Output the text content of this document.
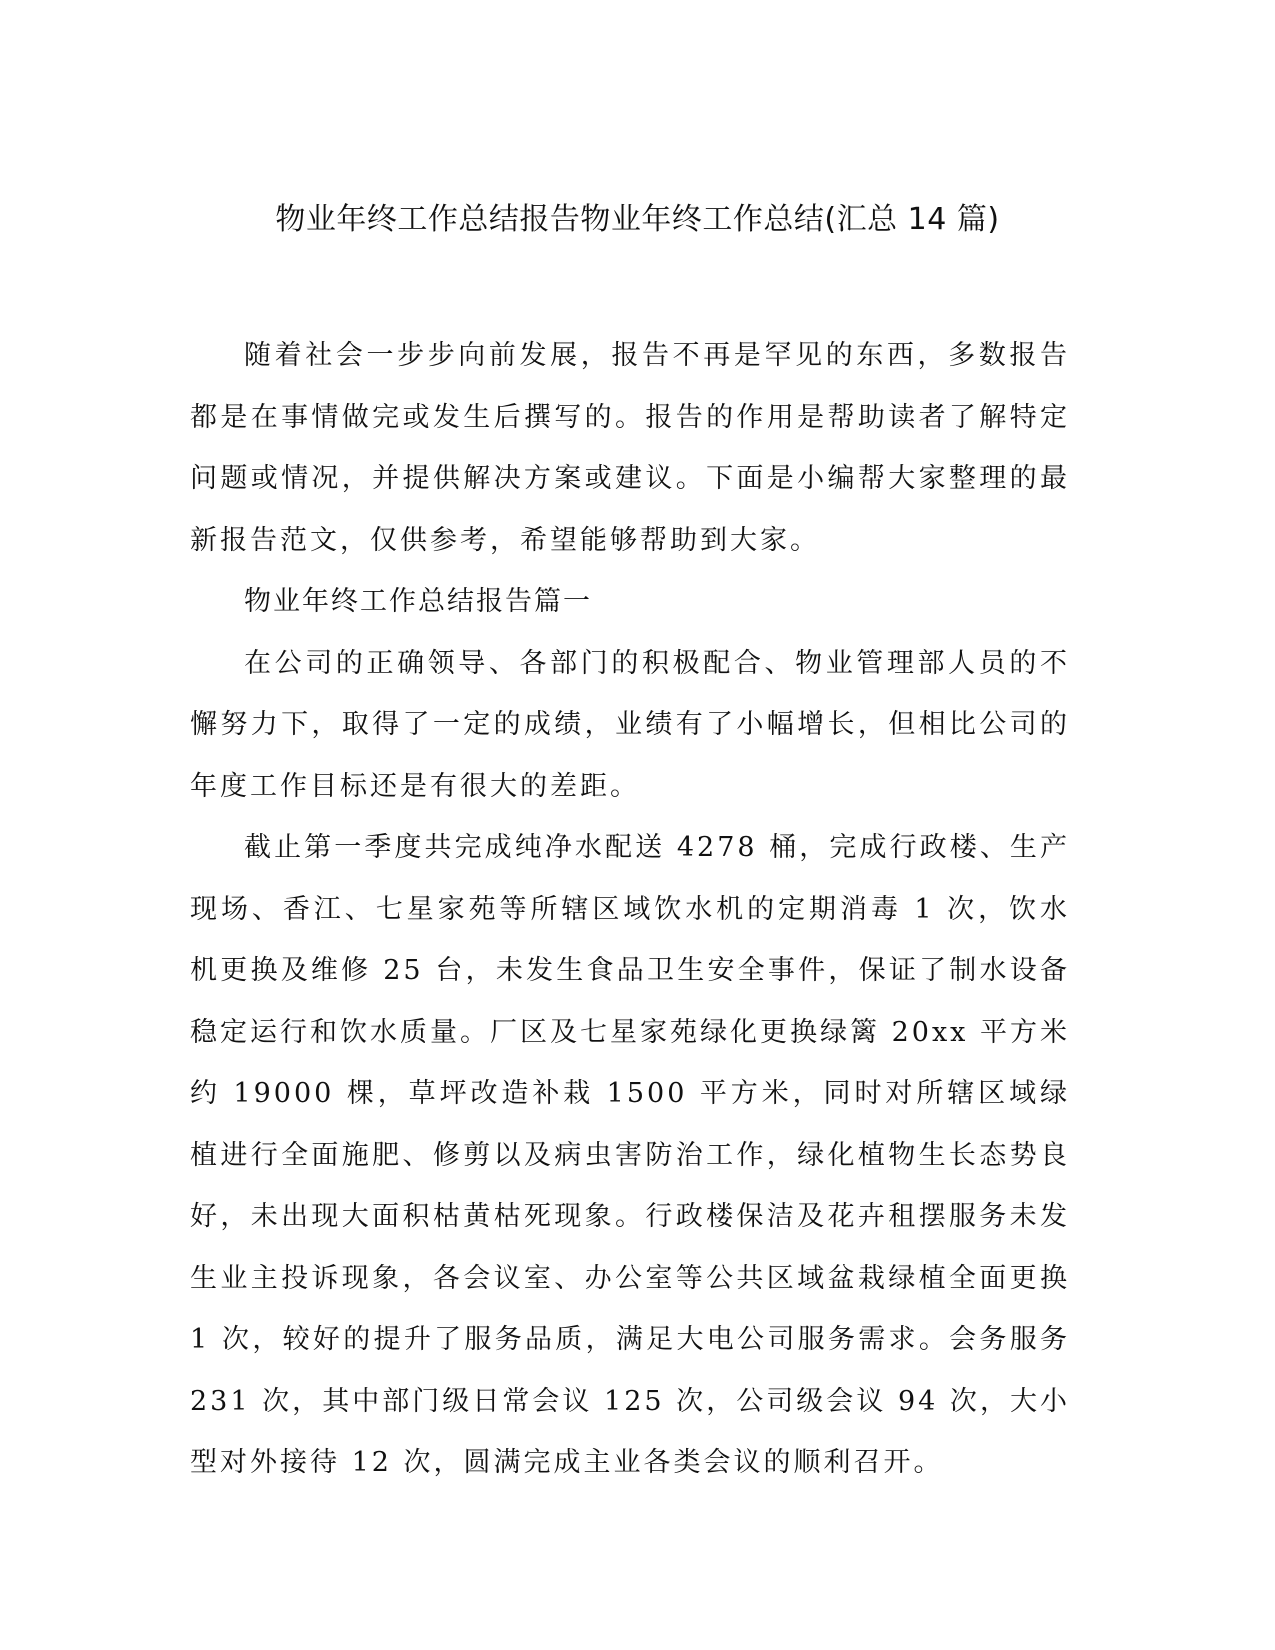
物业年终工作总结报告物业年终工作总结(汇总 14 篇)

随着社会一步步向前发展，报告不再是罕见的东西，多数报告都是在事情做完或发生后撰写的。报告的作用是帮助读者了解特定问题或情况，并提供解决方案或建议。下面是小编帮大家整理的最新报告范文，仅供参考，希望能够帮助到大家。

物业年终工作总结报告篇一

在公司的正确领导、各部门的积极配合、物业管理部人员的不懈努力下，取得了一定的成绩，业绩有了小幅增长，但相比公司的年度工作目标还是有很大的差距。

截止第一季度共完成纯净水配送 4278 桶，完成行政楼、生产现场、香江、七星家苑等所辖区域饮水机的定期消毒 1 次，饮水机更换及维修 25 台，未发生食品卫生安全事件，保证了制水设备稳定运行和饮水质量。厂区及七星家苑绿化更换绿篱 20xx 平方米约 19000 棵，草坪改造补栽 1500 平方米，同时对所辖区域绿植进行全面施肥、修剪以及病虫害防治工作，绿化植物生长态势良好，未出现大面积枯黄枯死现象。行政楼保洁及花卉租摆服务未发生业主投诉现象，各会议室、办公室等公共区域盆栽绿植全面更换 1 次，较好的提升了服务品质，满足大电公司服务需求。会务服务 231 次，其中部门级日常会议 125 次，公司级会议 94 次，大小型对外接待 12 次，圆满完成主业各类会议的顺利召开。
